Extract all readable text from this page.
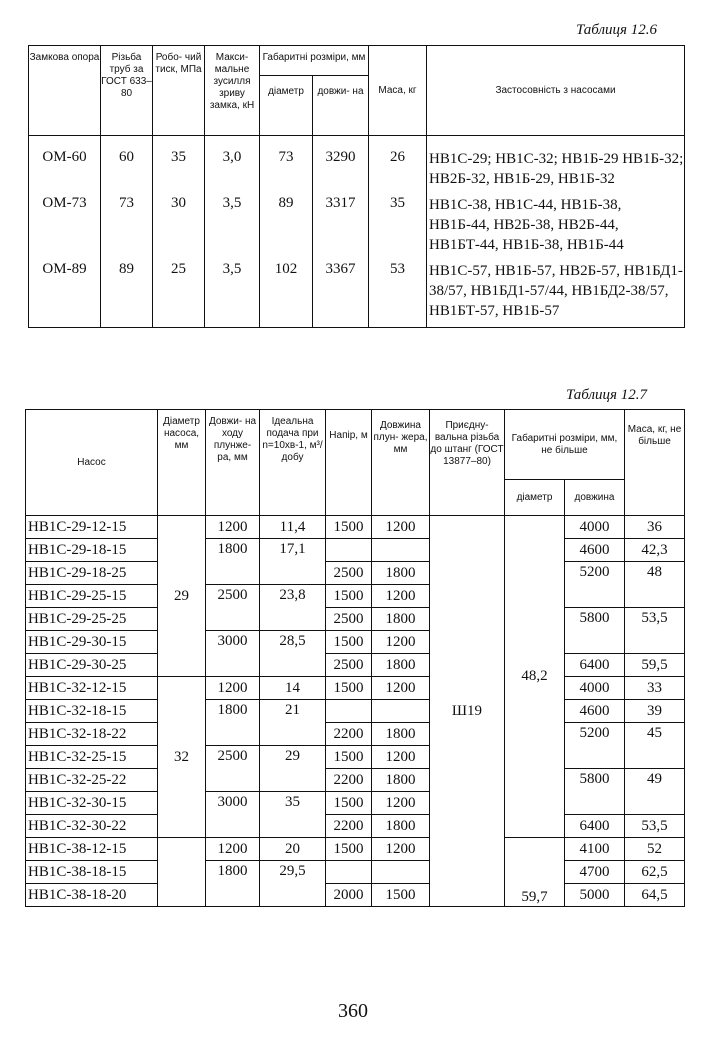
Таблиця 12.6
Замкова опора	Різьба труб за ГОСТ 633–80	Робо- чий тиск, МПа	Макси- мальне зусилля зриву замка, кН	Габаритні розміри, мм		Маса, кг	Застосовність з насосами
				діаметр	довжи- на		
ОМ-60	60	35	3,0	73	3290	26	НВ1С-29; НВ1С-32; НВ1Б-29 НВ1Б-32; НВ2Б-32, НВ1Б-29, НВ1Б-32
ОМ-73	73	30	3,5	89	3317	35	НВ1С-38, НВ1С-44, НВ1Б-38, НВ1Б-44, НВ2Б-38, НВ2Б-44, НВ1БТ-44, НВ1Б-38, НВ1Б-44
ОМ-89	89	25	3,5	102	3367	53	НВ1С-57, НВ1Б-57, НВ2Б-57, НВ1БД1-38/57, НВ1БД1-57/44, НВ1БД2-38/57, НВ1БТ-57, НВ1Б-57
Таблиця 12.7
Насос	Діаметр насоса, мм	Довжи- на ходу плунже- ра, мм	Ідеальна подача при n=10хв-1, м³/добу	Напір, м	Довжина плун- жера, мм	Приєдну- вальна різьба до штанг (ГОСТ 13877–80)	Габаритні розміри, мм, не більше		Маса, кг, не більше
							діаметр	довжина	
НВ1С-29-12-15	29	1200	11,4	1500	1200	Ш19	48,2	4000	36
НВ1С-29-18-15		1800	17,1					4600	42,3
НВ1С-29-18-25				2500	1800			5200	48
НВ1С-29-25-15		2500	23,8	1500	1200				
НВ1С-29-25-25				2500	1800			5800	53,5
НВ1С-29-30-15		3000	28,5	1500	1200				
НВ1С-29-30-25				2500	1800			6400	59,5
НВ1С-32-12-15	32	1200	14	1500	1200			4000	33
НВ1С-32-18-15		1800	21					4600	39
НВ1С-32-18-22				2200	1800			5200	45
НВ1С-32-25-15		2500	29	1500	1200				
НВ1С-32-25-22				2200	1800			5800	49
НВ1С-32-30-15		3000	35	1500	1200				
НВ1С-32-30-22				2200	1800			6400	53,5
НВ1С-38-12-15		1200	20	1500	1200		59,7	4100	52
НВ1С-38-18-15		1800	29,5					4700	62,5
НВ1С-38-18-20				2000	1500			5000	64,5
360
